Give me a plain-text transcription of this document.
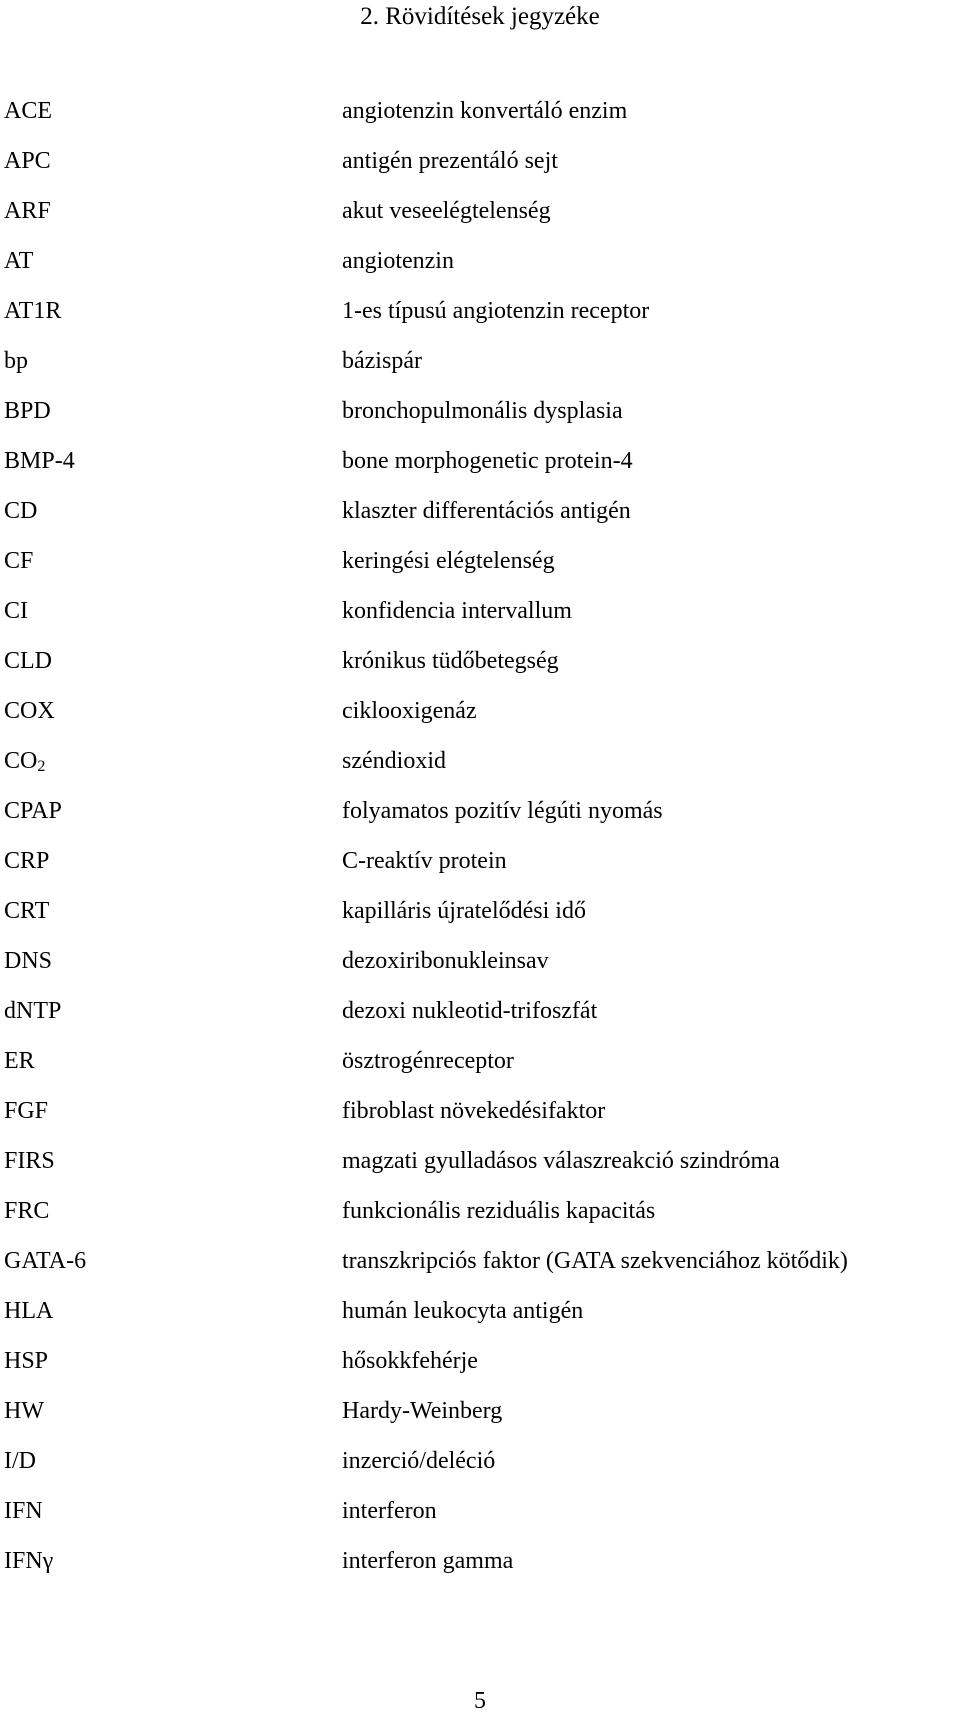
2. Rövidítések jegyzéke
ACE	angiotenzin konvertáló enzim
APC	antigén prezentáló sejt
ARF	akut veseelégtelenség
AT	angiotenzin
AT1R	1-es típusú angiotenzin receptor
bp	bázispár
BPD	bronchopulmonális dysplasia
BMP-4	bone morphogenetic protein-4
CD	klaszter differentációs antigén
CF	keringési elégtelenség
CI	konfidencia intervallum
CLD	krónikus tüdőbetegség
COX	ciklooxigenáz
$CO_2$	széndioxid
CPAP	folyamatos pozitív légúti nyomás
CRP	C-reaktív protein
CRT	kapilláris újratelődési idő
DNS	dezoxiribonukleinsav
dNTP	dezoxi nukleotid-trifoszfát
ER	ösztrogénreceptor
FGF	fibroblast növekedésifaktor
FIRS	magzati gyulladásos válaszreakció szindróma
FRC	funkcionális reziduális kapacitás
GATA-6	transzkripciós faktor (GATA szekvenciához kötődik)
HLA	humán leukocyta antigén
HSP	hősokkfehérje
HW	Hardy-Weinberg
I/D	inzerció/deléció
IFN	interferon
IFNγ	interferon gamma
5
